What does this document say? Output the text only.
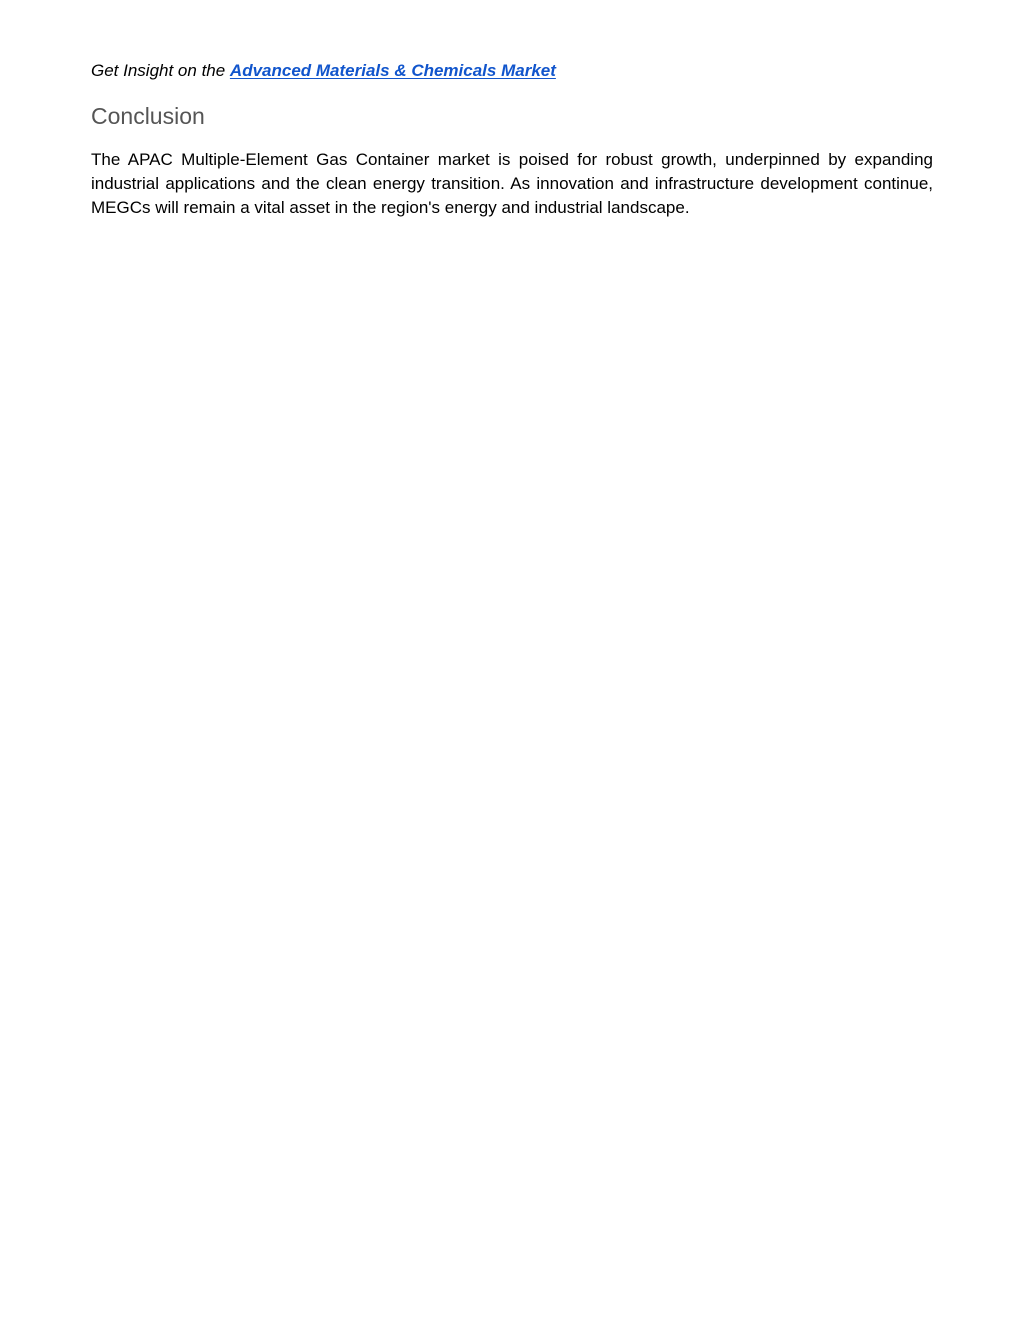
Get Insight on the Advanced Materials & Chemicals Market

Conclusion

The APAC Multiple-Element Gas Container market is poised for robust growth, underpinned by expanding industrial applications and the clean energy transition. As innovation and infrastructure development continue, MEGCs will remain a vital asset in the region's energy and industrial landscape.
